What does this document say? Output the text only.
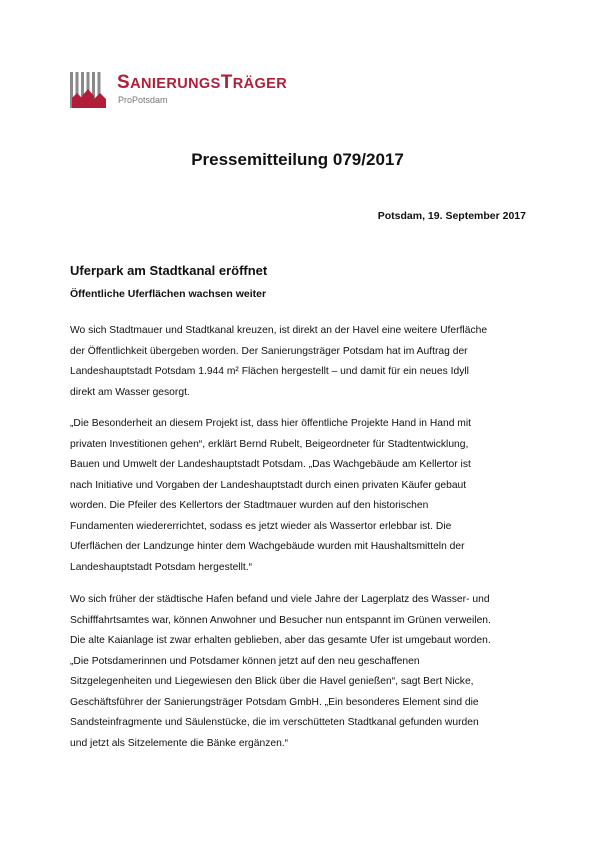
SANIERUNGSTRÄGER
ProPotsdam
Pressemitteilung 079/2017
Potsdam, 19. September 2017
Uferpark am Stadtkanal eröffnet
Öffentliche Uferflächen wachsen weiter
Wo sich Stadtmauer und Stadtkanal kreuzen, ist direkt an der Havel eine weitere Uferfläche
der Öffentlichkeit übergeben worden. Der Sanierungsträger Potsdam hat im Auftrag der
Landeshauptstadt Potsdam 1.944 m² Flächen hergestellt – und damit für ein neues Idyll
direkt am Wasser gesorgt.
„Die Besonderheit an diesem Projekt ist, dass hier öffentliche Projekte Hand in Hand mit
privaten Investitionen gehen“, erklärt Bernd Rubelt, Beigeordneter für Stadtentwicklung,
Bauen und Umwelt der Landeshauptstadt Potsdam. „Das Wachgebäude am Kellertor ist
nach Initiative und Vorgaben der Landeshauptstadt durch einen privaten Käufer gebaut
worden. Die Pfeiler des Kellertors der Stadtmauer wurden auf den historischen
Fundamenten wiedererrichtet, sodass es jetzt wieder als Wassertor erlebbar ist. Die
Uferflächen der Landzunge hinter dem Wachgebäude wurden mit Haushaltsmitteln der
Landeshauptstadt Potsdam hergestellt.“
Wo sich früher der städtische Hafen befand und viele Jahre der Lagerplatz des Wasser- und
Schifffahrtsamtes war, können Anwohner und Besucher nun entspannt im Grünen verweilen.
Die alte Kaianlage ist zwar erhalten geblieben, aber das gesamte Ufer ist umgebaut worden.
„Die Potsdamerinnen und Potsdamer können jetzt auf den neu geschaffenen
Sitzgelegenheiten und Liegewiesen den Blick über die Havel genießen“, sagt Bert Nicke,
Geschäftsführer der Sanierungsträger Potsdam GmbH. „Ein besonderes Element sind die
Sandsteinfragmente und Säulenstücke, die im verschütteten Stadtkanal gefunden wurden
und jetzt als Sitzelemente die Bänke ergänzen.“
